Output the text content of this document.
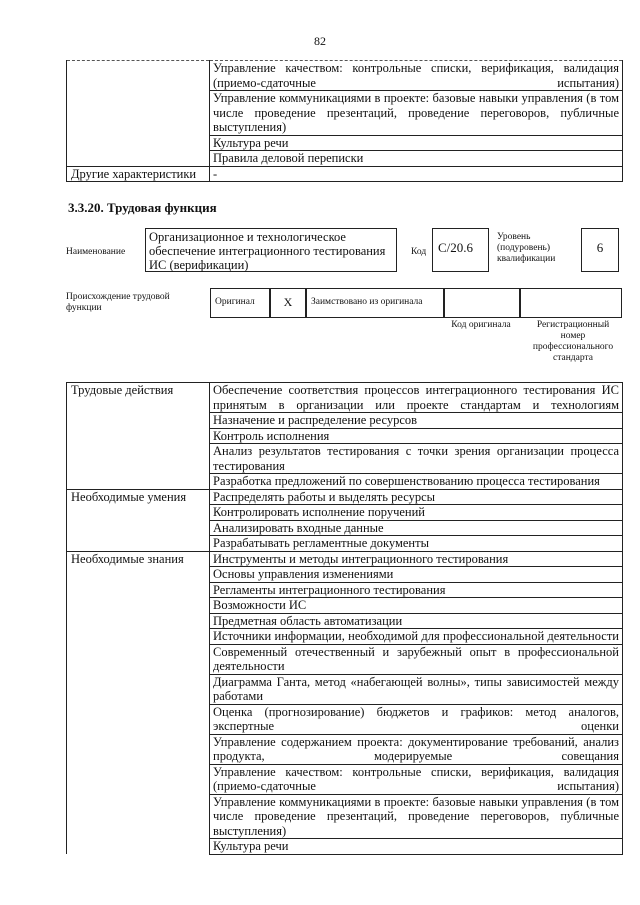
82

	Управление качеством: контрольные списки, верификация, валидация (приемо-сдаточные испытания)

	Управление коммуникациями в проекте: базовые навыки управления (в том числе проведение презентаций, проведение переговоров, публичные выступления)

	Культура речи
	Правила деловой переписки
Другие характеристики	-
3.3.20. Трудовая функция
Наименование
Организационное и технологическое обеспечение интеграционного тестирования ИС (верификации)
Код С/20.6
Уровень (подуровень) квалификации
6
Происхождение трудовой функции
Оригинал	X	Заимствовано из оригинала
Код оригинала	Регистрационный номер профессионального стандарта
Трудовые действия	Обеспечение соответствия процессов интеграционного тестирования ИС принятым в организации или проекте стандартам и технологиям

	Назначение и распределение ресурсов
	Контроль исполнения

	Анализ результатов тестирования с точки зрения организации процесса тестирования

	Разработка предложений по совершенствованию процесса тестирования
Необходимые умения	Распределять работы и выделять ресурсы
	Контролировать исполнение поручений
	Анализировать входные данные
	Разрабатывать регламентные документы
Необходимые знания	Инструменты и методы интеграционного тестирования
	Основы управления изменениями
	Регламенты интеграционного тестирования
	Возможности ИС
	Предметная область автоматизации

	Источники информации, необходимой для профессиональной деятельности

	Современный отечественный и зарубежный опыт в профессиональной деятельности

	Диаграмма Ганта, метод «набегающей волны», типы зависимостей между работами

	Оценка (прогнозирование) бюджетов и графиков: метод аналогов, экспертные оценки

	Управление содержанием проекта: документирование требований, анализ продукта, модерируемые совещания

	Управление качеством: контрольные списки, верификация, валидация (приемо-сдаточные испытания)

	Управление коммуникациями в проекте: базовые навыки управления (в том числе проведение презентаций, проведение переговоров, публичные выступления)

	Культура речи
